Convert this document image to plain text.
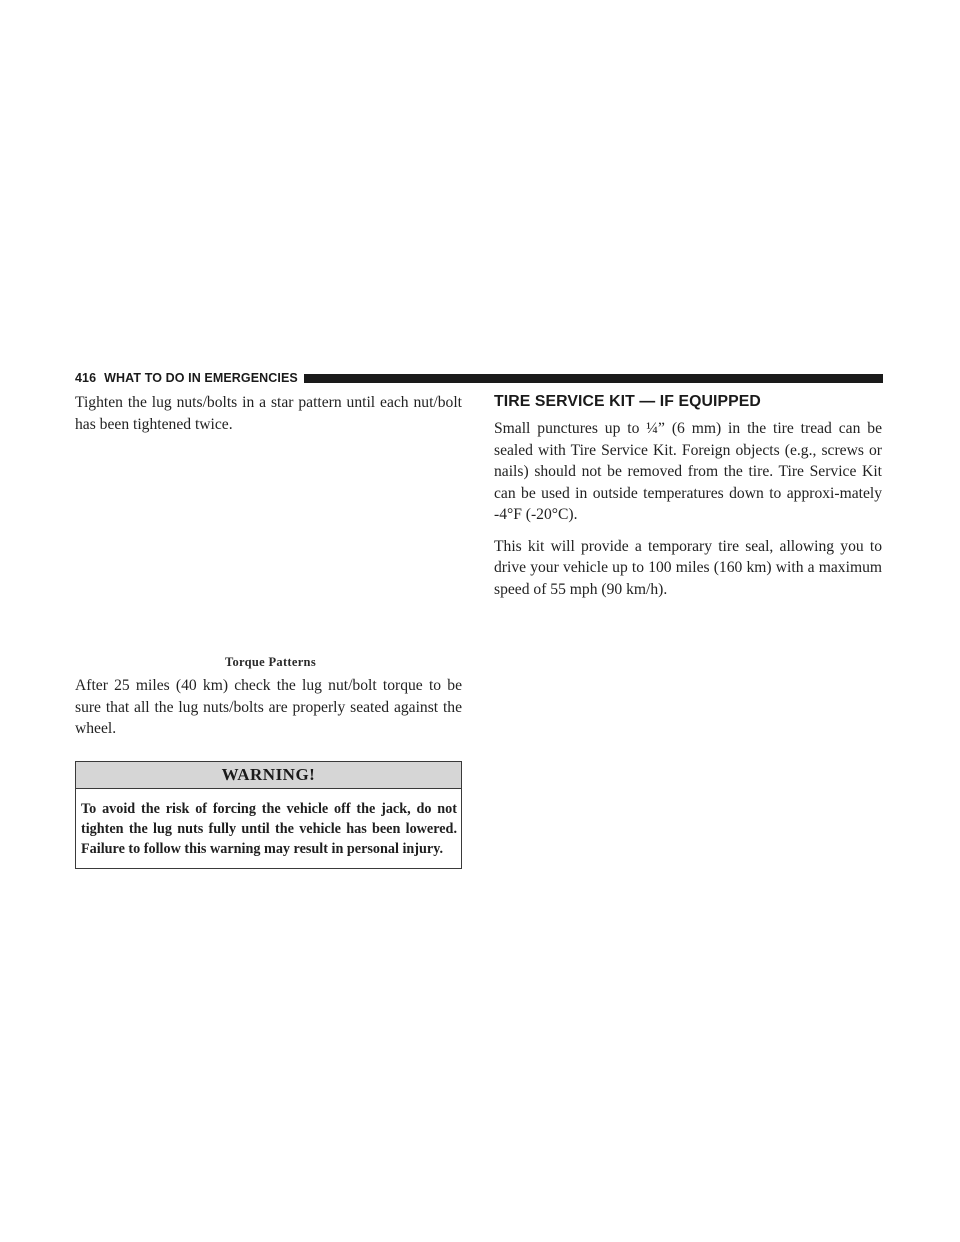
416 WHAT TO DO IN EMERGENCIES

Tighten the lug nuts/bolts in a star pattern until each nut/bolt has been tightened twice.

Torque Patterns

After 25 miles (40 km) check the lug nut/bolt torque to be sure that all the lug nuts/bolts are properly seated against the wheel.

WARNING!

To avoid the risk of forcing the vehicle off the jack, do not tighten the lug nuts fully until the vehicle has been lowered. Failure to follow this warning may result in personal injury.

TIRE SERVICE KIT — IF EQUIPPED

Small punctures up to ¼” (6 mm) in the tire tread can be sealed with Tire Service Kit. Foreign objects (e.g., screws or nails) should not be removed from the tire. Tire Service Kit can be used in outside temperatures down to approxi-mately -4°F (-20°C).

This kit will provide a temporary tire seal, allowing you to drive your vehicle up to 100 miles (160 km) with a maximum speed of 55 mph (90 km/h).
